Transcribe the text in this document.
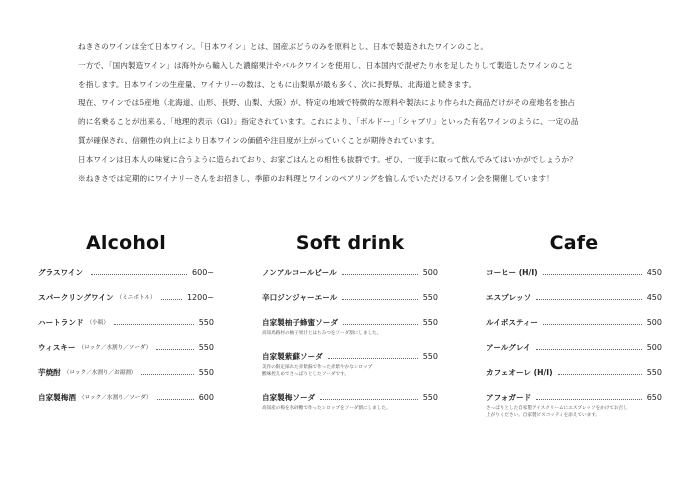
ねきさのワインは全て日本ワイン。「日本ワイン」とは、国産ぶどうのみを原料とし、日本で製造されたワインのこと。

一方で、「国内製造ワイン」は海外から輸入した濃縮果汁やバルクワインを使用し、日本国内で混ぜたり水を足したりして製造したワインのこと

を指します。日本ワインの生産量、ワイナリーの数は、ともに山梨県が最も多く、次に長野県、北海道と続きます。

現在、ワインでは5産地（北海道、山形、長野、山梨、大阪）が、特定の地域で特徴的な原料や製法により作られた商品だけがその産地名を独占

的に名乗ることが出来る、「地理的表示（GI）」指定されています。これにより、「ボルドー」「シャブリ」といった有名ワインのように、一定の品

質が確保され、信頼性の向上により日本ワインの価値や注目度が上がっていくことが期待されています。

日本ワインは日本人の味覚に合うように造られており、お家ごはんとの相性も抜群です。ぜひ、一度手に取って飲んでみてはいかがでしょうか？

※ねきさでは定期的にワイナリーさんをお招きし、季節のお料理とワインのペアリングを愉しんでいただけるワイン会を開催しています！

Alcohol
グラスワイン	600~
スパークリングワイン （ミニボトル）	1200~
ハートランド （小瓶）	550
ウィスキー （ロック／水割り／ソーダ）	550
芋焼酎 （ロック／水割り／お湯割）	550
自家製梅酒 （ロック／水割り／ソーダ）	600
Soft drink
ノンアルコールビール	500
辛口ジンジャーエール	550
自家製柚子蜂蜜ソーダ	550
高知馬路村の柚子果汁とはちみつをソーダ割にしました。
自家製紫蘇ソーダ	550
美作の限定採れた赤紫蘇で作った赤紫やかなシロップ
酸味控えめでさっぱりとしたソーダです。
自家製梅ソーダ	550
高知産の梅を氷砂糖で作ったシロップをソーダ割にしました。
Cafe
コーヒー (H/I)	450
エスプレッソ	450
ルイボスティー	500
アールグレイ	500
カフェオーレ (H/I)	550
アフォガード	650
さっぱりとした自家製アイスクリームにエスプレッソをかけてお召し
上がりください。自家製ビスコッティを添えています。
